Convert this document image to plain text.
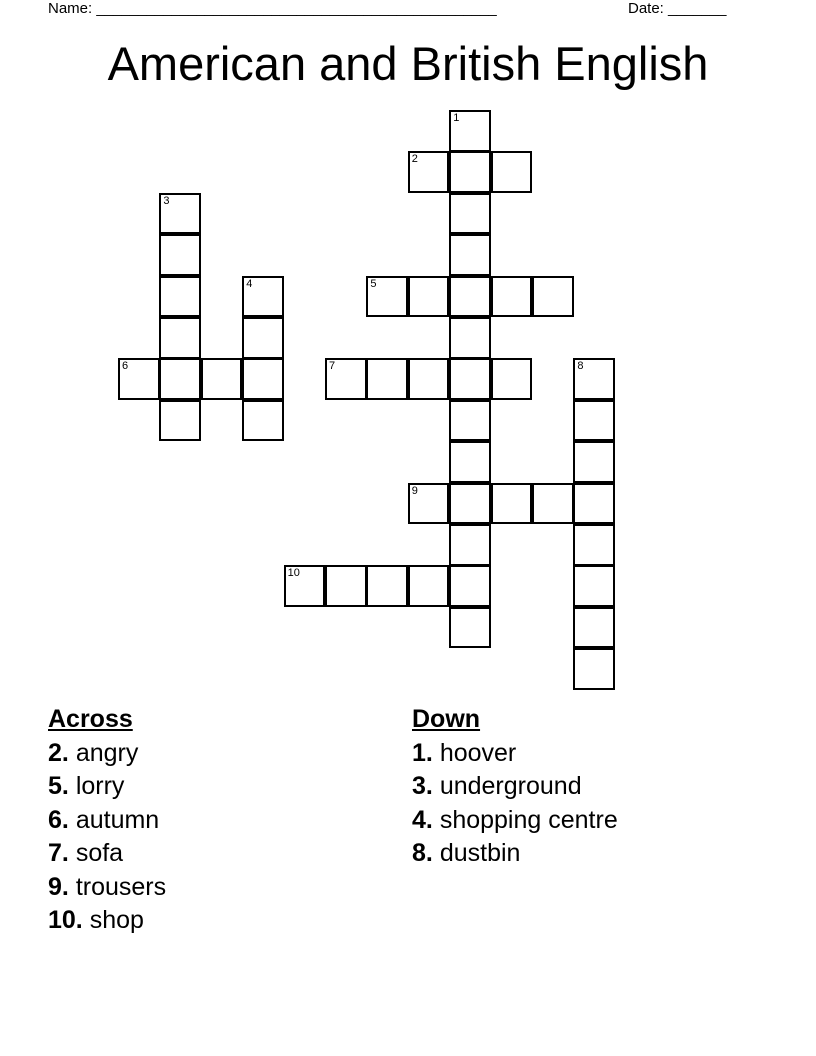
Name: ________________________________________________	Date: _______
American and British English
1
2
3
4	5
6	7	8
9
10
Across
2. angry
5. lorry
6. autumn
7. sofa
9. trousers
10. shop
Down
1. hoover
3. underground
4. shopping centre
8. dustbin
